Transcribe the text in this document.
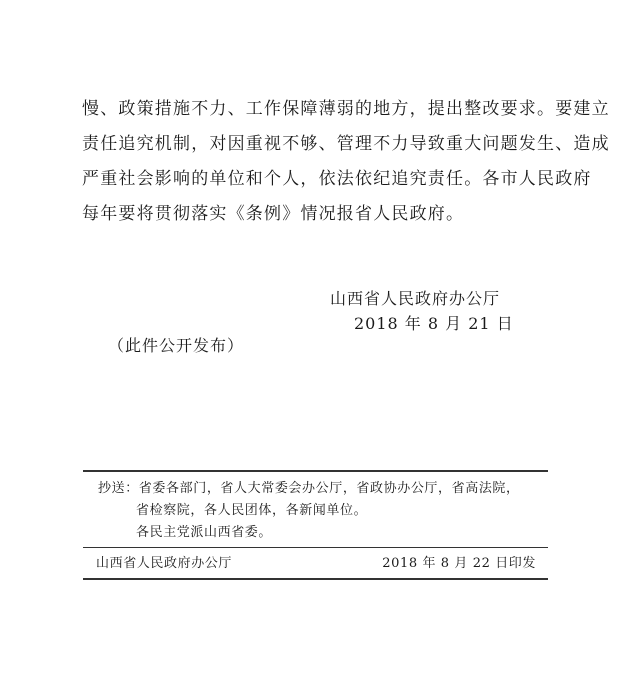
慢、政策措施不力、工作保障薄弱的地方，提出整改要求。要建立
责任追究机制，对因重视不够、管理不力导致重大问题发生、造成
严重社会影响的单位和个人，依法依纪追究责任。各市人民政府
每年要将贯彻落实《条例》情况报省人民政府。

山西省人民政府办公厅
2018 年 8 月 21 日
（此件公开发布）
抄送：省委各部门，省人大常委会办公厅，省政协办公厅，省高法院，
省检察院，各人民团体，各新闻单位。
各民主党派山西省委。
山西省人民政府办公厅	2018 年 8 月 22 日印发
